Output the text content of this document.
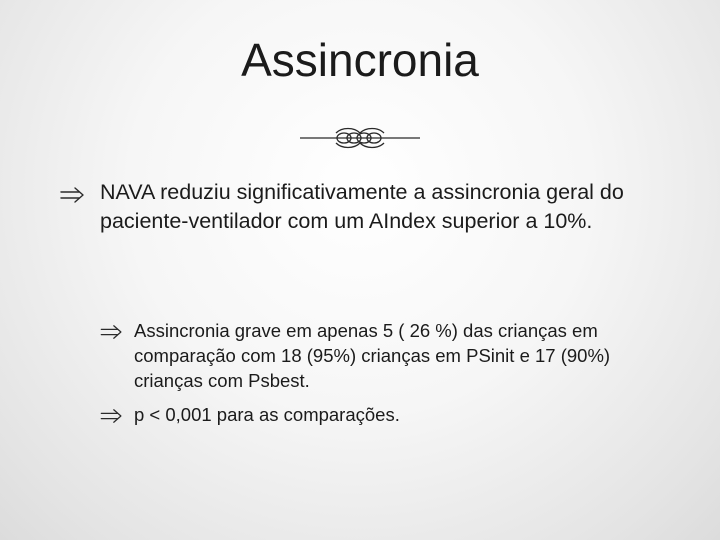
Assincronia
NAVA reduziu significativamente a assincronia geral do paciente-ventilador com um AIndex superior a 10%.
Assincronia grave em apenas 5 ( 26 %) das crianças em comparação com 18 (95%) crianças em PSinit e 17 (90%) crianças com Psbest.
p < 0,001 para as comparações.
